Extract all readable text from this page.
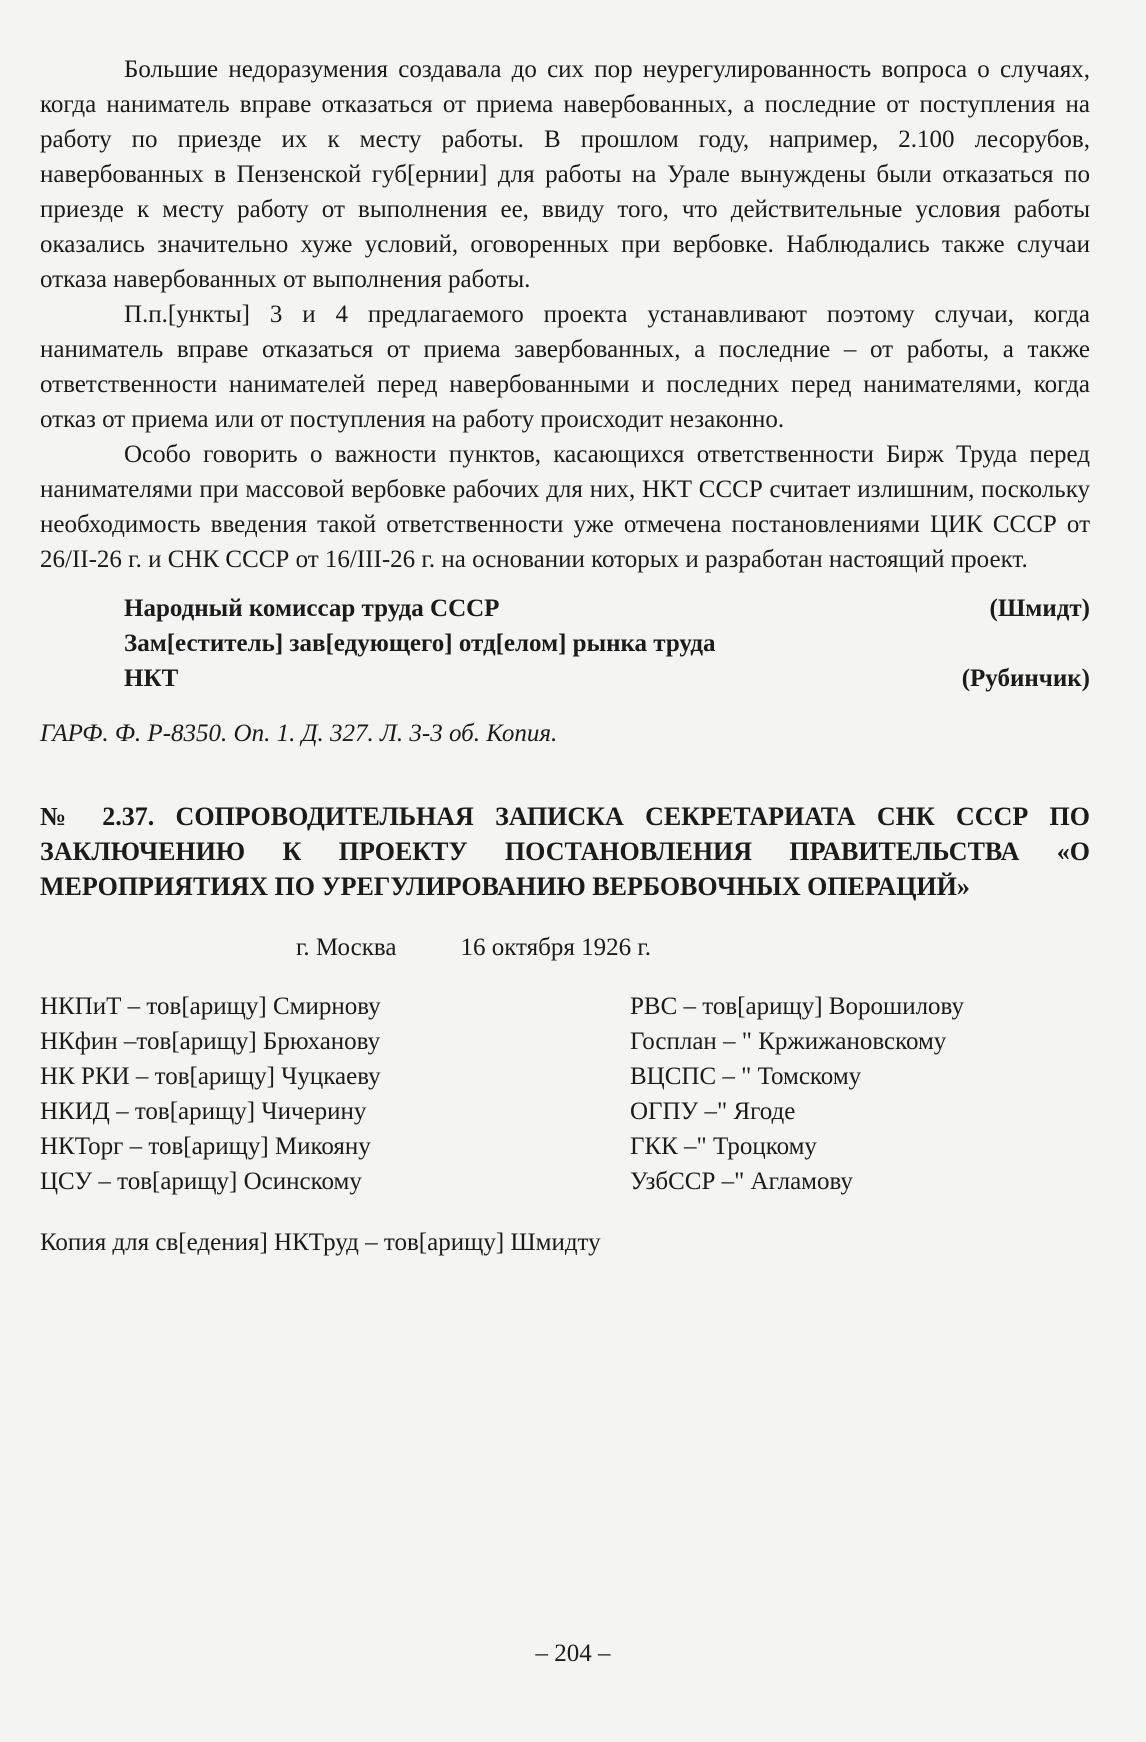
Большие недоразумения создавала до сих пор неурегулированность вопроса о случаях, когда наниматель вправе отказаться от приема навербованных, а последние от поступления на работу по приезде их к месту работы. В прошлом году, например, 2.100 лесорубов, навербованных в Пензенской губ[ернии] для работы на Урале вынуждены были отказаться по приезде к месту работу от выполнения ее, ввиду того, что действительные условия работы оказались значительно хуже условий, оговоренных при вербовке. Наблюдались также случаи отказа навербованных от выполнения работы.

П.п.[ункты] 3 и 4 предлагаемого проекта устанавливают поэтому случаи, когда наниматель вправе отказаться от приема завербованных, а последние – от работы, а также ответственности нанимателей перед навербованными и последних перед нанимателями, когда отказ от приема или от поступления на работу происходит незаконно.

Особо говорить о важности пунктов, касающихся ответственности Бирж Труда перед нанимателями при массовой вербовке рабочих для них, НКТ СССР считает излишним, поскольку необходимость введения такой ответственности уже отмечена постановлениями ЦИК СССР от 26/II-26 г. и СНК СССР от 16/III-26 г. на основании которых и разработан настоящий проект.

Народный комиссар труда СССР	(Шмидт)

Зам[еститель] зав[едующего] отд[елом] рынка труда

НКТ	(Рубинчик)

ГАРФ. Ф. Р-8350. Оп. 1. Д. 327. Л. 3-3 об. Копия.
№ 2.37. СОПРОВОДИТЕЛЬНАЯ ЗАПИСКА СЕКРЕТАРИАТА СНК СССР ПО ЗАКЛЮЧЕНИЮ К ПРОЕКТУ ПОСТАНОВЛЕНИЯ ПРАВИТЕЛЬСТВА «О МЕРОПРИЯТИЯХ ПО УРЕГУЛИРОВАНИЮ ВЕРБОВОЧНЫХ ОПЕРАЦИЙ»
г. Москва	16 октября 1926 г.
НКПиТ – тов[арищу] Смирнову	РВС – тов[арищу] Ворошилову
НКфин –тов[арищу] Брюханову	Госплан – " Кржижановскому
НК РКИ – тов[арищу] Чуцкаеву	ВЦСПС – " Томскому
НКИД – тов[арищу] Чичерину	ОГПУ –" Ягоде
НКТорг – тов[арищу] Микояну	ГКК –" Троцкому
ЦСУ – тов[арищу] Осинскому	УзбССР –" Агламову
Копия для св[едения] НКТруд – тов[арищу] Шмидту
– 204 –
